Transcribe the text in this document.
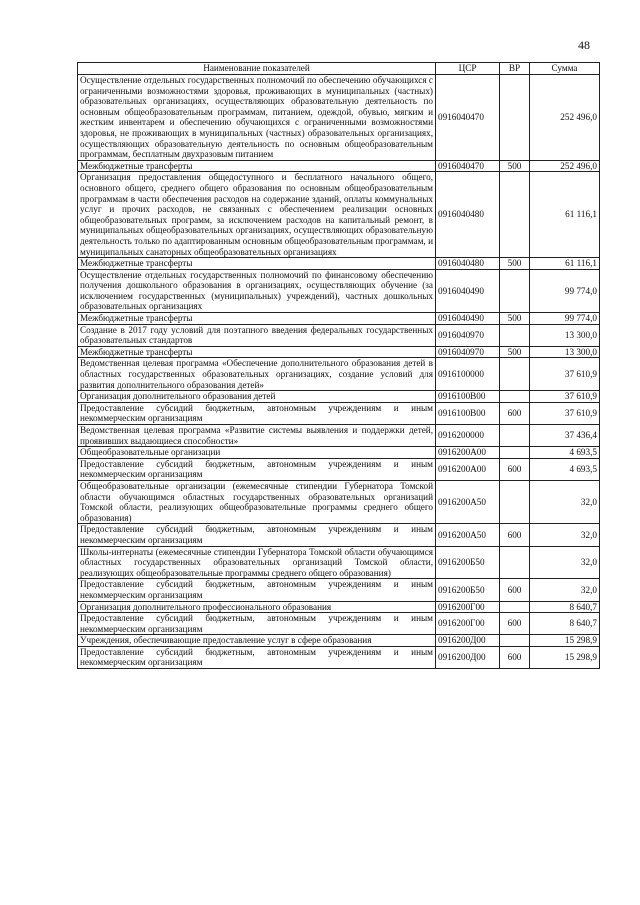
48
Наименование показателей	ЦСР	ВР	Сумма
Осуществление отдельных государственных полномочий по обеспечению обучающихся с ограниченными возможностями здоровья, проживающих в муниципальных (частных) образовательных организациях, осуществляющих образовательную деятельность по основным общеобразовательным программам, питанием, одеждой, обувью, мягким и жестким инвентарем и обеспечению обучающихся с ограниченными возможностями здоровья, не проживающих в муниципальных (частных) образовательных организациях, осуществляющих образовательную деятельность по основным общеобразовательным программам, бесплатным двухразовым питанием	0916040470		252 496,0
Межбюджетные трансферты	0916040470	500	252 496,0
Организация предоставления общедоступного и бесплатного начального общего, основного общего, среднего общего образования по основным общеобразовательным программам в части обеспечения расходов на содержание зданий, оплаты коммунальных услуг и прочих расходов, не связанных с обеспечением реализации основных общеобразовательных программ, за исключением расходов на капитальный ремонт, в муниципальных общеобразовательных организациях, осуществляющих образовательную деятельность только по адаптированным основным общеобразовательным программам, и муниципальных санаторных общеобразовательных организациях	0916040480		61 116,1
Межбюджетные трансферты	0916040480	500	61 116,1
Осуществление отдельных государственных полномочий по финансовому обеспечению получения дошкольного образования в организациях, осуществляющих обучение (за исключением государственных (муниципальных) учреждений), частных дошкольных образовательных организациях	0916040490		99 774,0
Межбюджетные трансферты	0916040490	500	99 774,0
Создание в 2017 году условий для поэтапного введения федеральных государственных образовательных стандартов	0916040970		13 300,0
Межбюджетные трансферты	0916040970	500	13 300,0
Ведомственная целевая программа «Обеспечение дополнительного образования детей в областных государственных образовательных организациях, создание условий для развития дополнительного образования детей»	0916100000		37 610,9
Организация дополнительного образования детей	0916100В00		37 610,9
Предоставление субсидий бюджетным, автономным учреждениям и иным некоммерческим организациям	0916100В00	600	37 610,9
Ведомственная целевая программа «Развитие системы выявления и поддержки детей, проявивших выдающиеся способности»	0916200000		37 436,4
Общеобразовательные организации	0916200А00		4 693,5
Предоставление субсидий бюджетным, автономным учреждениям и иным некоммерческим организациям	0916200А00	600	4 693,5
Общеобразовательные организации (ежемесячные стипендии Губернатора Томской области обучающимся областных государственных образовательных организаций Томской области, реализующих общеобразовательные программы среднего общего образования)	0916200А50		32,0
Предоставление субсидий бюджетным, автономным учреждениям и иным некоммерческим организациям	0916200А50	600	32,0
Школы-интернаты (ежемесячные стипендии Губернатора Томской области обучающимся областных государственных образовательных организаций Томской области, реализующих общеобразовательные программы среднего общего образования)	0916200Б50		32,0
Предоставление субсидий бюджетным, автономным учреждениям и иным некоммерческим организациям	0916200Б50	600	32,0
Организация дополнительного профессионального образования	0916200Г00		8 640,7
Предоставление субсидий бюджетным, автономным учреждениям и иным некоммерческим организациям	0916200Г00	600	8 640,7
Учреждения, обеспечивающие предоставление услуг в сфере образования	0916200Д00		15 298,9
Предоставление субсидий бюджетным, автономным учреждениям и иным некоммерческим организациям	0916200Д00	600	15 298,9
